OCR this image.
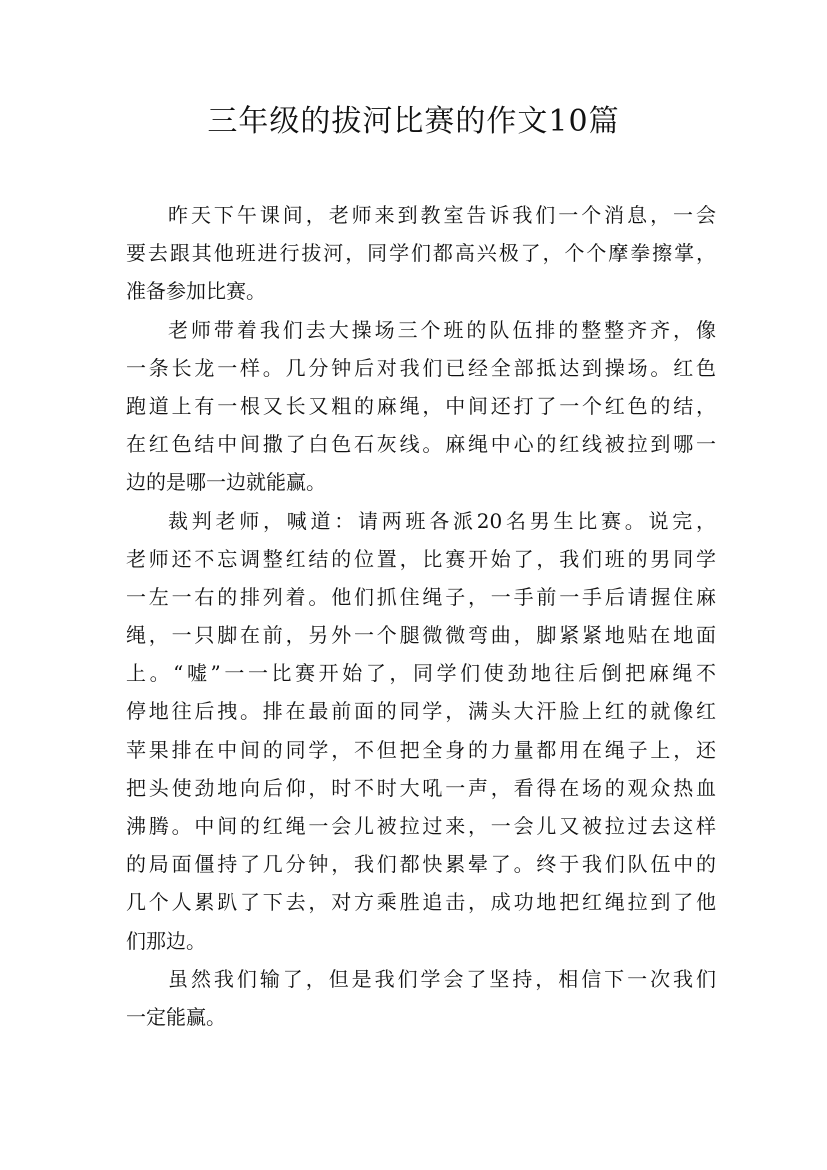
三年级的拔河比赛的作文10篇
昨天下午课间，老师来到教室告诉我们一个消息，一会
要去跟其他班进行拔河，同学们都高兴极了，个个摩拳擦掌，
准备参加比赛。
老师带着我们去大操场三个班的队伍排的整整齐齐，像
一条长龙一样。几分钟后对我们已经全部抵达到操场。红色
跑道上有一根又长又粗的麻绳，中间还打了一个红色的结，
在红色结中间撒了白色石灰线。麻绳中心的红线被拉到哪一
边的是哪一边就能赢。
裁判老师，喊道：请两班各派20名男生比赛。说完，
老师还不忘调整红结的位置，比赛开始了，我们班的男同学
一左一右的排列着。他们抓住绳子，一手前一手后请握住麻
绳，一只脚在前，另外一个腿微微弯曲，脚紧紧地贴在地面
上。“嘘”一一比赛开始了，同学们使劲地往后倒把麻绳不
停地往后拽。排在最前面的同学，满头大汗脸上红的就像红
苹果排在中间的同学，不但把全身的力量都用在绳子上，还
把头使劲地向后仰，时不时大吼一声，看得在场的观众热血
沸腾。中间的红绳一会儿被拉过来，一会儿又被拉过去这样
的局面僵持了几分钟，我们都快累晕了。终于我们队伍中的
几个人累趴了下去，对方乘胜追击，成功地把红绳拉到了他
们那边。
虽然我们输了，但是我们学会了坚持，相信下一次我们
一定能赢。
